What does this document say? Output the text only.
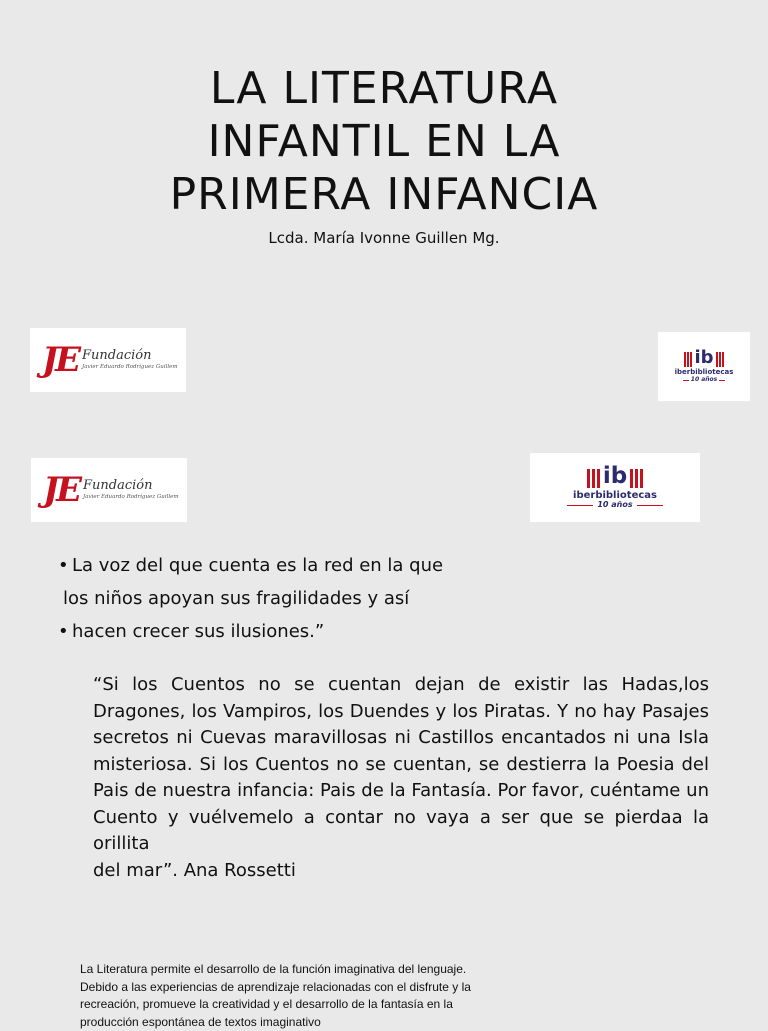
LA LITERATURA
INFANTIL EN LA
PRIMERA INFANCIA
Lcda. María Ivonne Guillen Mg.
JE Fundación
Javier Eduardo Rodríguez Guillem	ib
iberbibliotecas
10 años
JE Fundación
Javier Eduardo Rodríguez Guillem
ib
iberbibliotecas
10 años
• La voz del que cuenta es la red en la que
los niños apoyan sus fragilidades y así
• hacen crecer sus ilusiones.”
“Si los Cuentos no se cuentan dejan de existir las Hadas,los
Dragones, los Vampiros, los Duendes y los Piratas. Y no hay Pasajes
secretos ni Cuevas maravillosas ni Castillos encantados ni una Isla
misteriosa. Si los Cuentos no se cuentan, se destierra la Poesia del
Pais de nuestra infancia: Pais de la Fantasía. Por favor, cuéntame un
Cuento y vuélvemelo a contar no vaya a ser que se pierdaa la orillita
del mar”. Ana Rossetti
La Literatura permite el desarrollo de la función imaginativa del lenguaje.
Debido a las experiencias de aprendizaje relacionadas con el disfrute y la
recreación, promueve la creatividad y el desarrollo de la fantasía en la
producción espontánea de textos imaginativo
